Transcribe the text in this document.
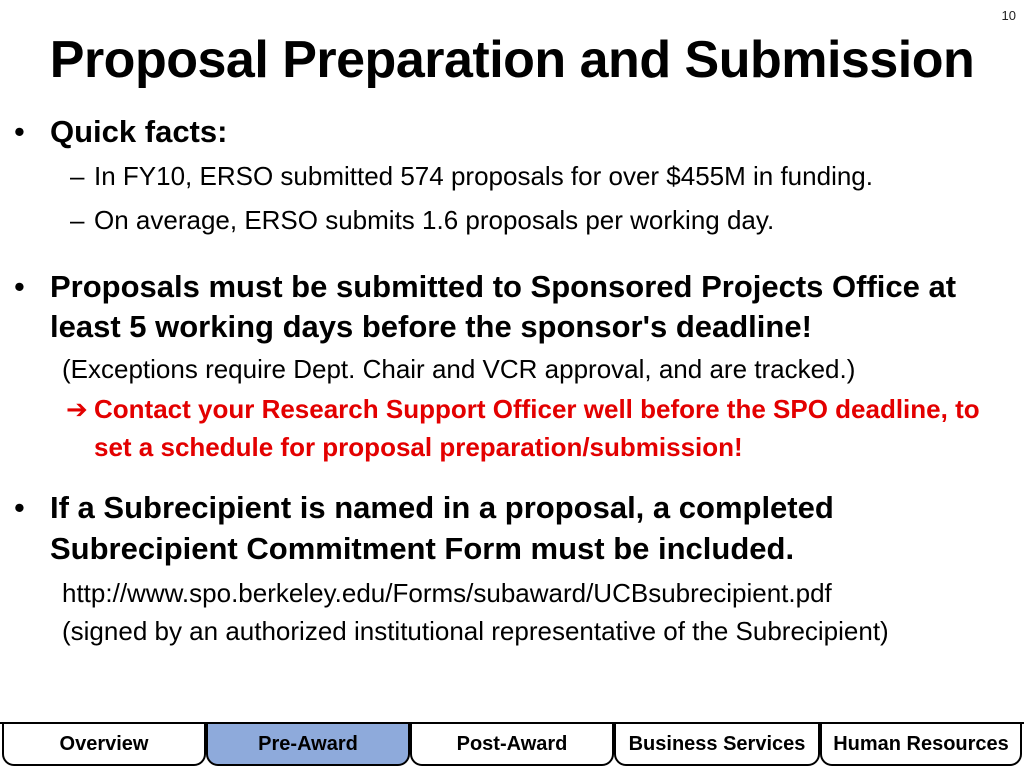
10
Proposal Preparation and Submission
• Quick facts:
– In FY10, ERSO submitted 574 proposals for over $455M in funding.
– On average, ERSO submits 1.6 proposals per working day.
• Proposals must be submitted to Sponsored Projects Office at least 5 working days before the sponsor's deadline!
(Exceptions require Dept. Chair and VCR approval, and are tracked.)
➔ Contact your Research Support Officer well before the SPO deadline, to set a schedule for proposal preparation/submission!
• If a Subrecipient is named in a proposal, a completed Subrecipient Commitment Form must be included.
http://www.spo.berkeley.edu/Forms/subaward/UCBsubrecipient.pdf
(signed by an authorized institutional representative of the Subrecipient)
Overview	Pre-Award	Post-Award	Business Services	Human Resources
